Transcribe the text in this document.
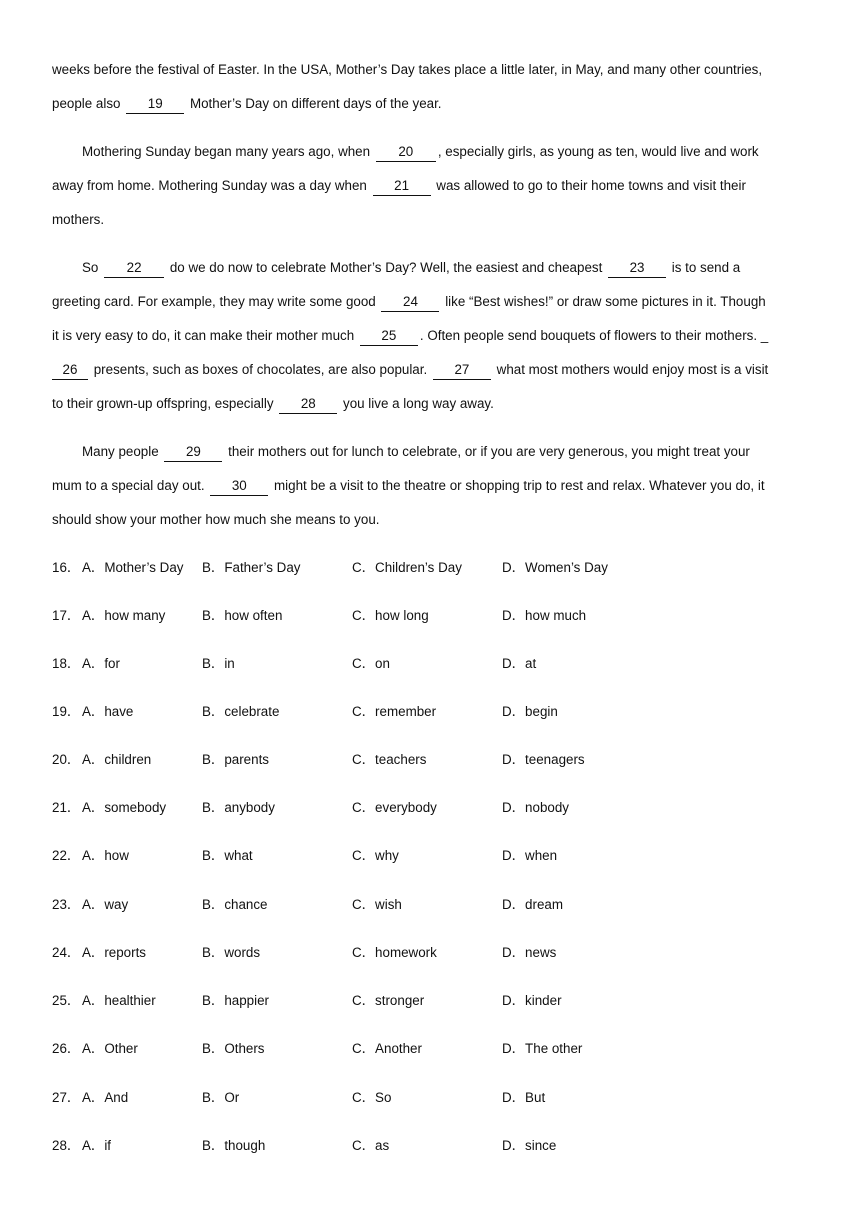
weeks before the festival of Easter. In the USA, Mother’s Day takes place a little later, in May, and many other countries,
people also 19 Mother’s Day on different days of the year.
Mothering Sunday began many years ago, when 20 , especially girls, as young as ten, would live and work
away from home. Mothering Sunday was a day when 21 was allowed to go to their home towns and visit their
mothers.
So 22 do we do now to celebrate Mother’s Day? Well, the easiest and cheapest 23 is to send a
greeting card. For example, they may write some good 24 like “Best wishes!” or draw some pictures in it. Though
it is very easy to do, it can make their mother much 25 . Often people send bouquets of flowers to their mothers. _
26 presents, such as boxes of chocolates, are also popular. 27 what most mothers would enjoy most is a visit
to their grown-up offspring, especially 28 you live a long way away.
Many people 29 their mothers out for lunch to celebrate, or if you are very generous, you might treat your
mum to a special day out. 30 might be a visit to the theatre or shopping trip to rest and relax. Whatever you do, it
should show your mother how much she means to you.
16． A．Mother’s Day B．Father’s Day	C．Children’s Day	D．Women’s Day
17． A．how many	B．how often	C．how long	D．how much
18． A．for	B．in	C．on	D．at
19． A．have	B．celebrate	C．remember	D．begin
20． A．children	B．parents	C．teachers	D．teenagers
21． A．somebody	B．anybody	C．everybody	D．nobody
22． A．how	B．what	C．why	D．when
23． A．way	B．chance	C．wish	D．dream
24． A．reports	B．words	C．homework	D．news
25． A．healthier	B．happier	C．stronger	D．kinder
26． A．Other	B．Others	C．Another	D．The other
27． A．And	B．Or	C．So	D．But
28． A．if	B．though	C．as	D．since
